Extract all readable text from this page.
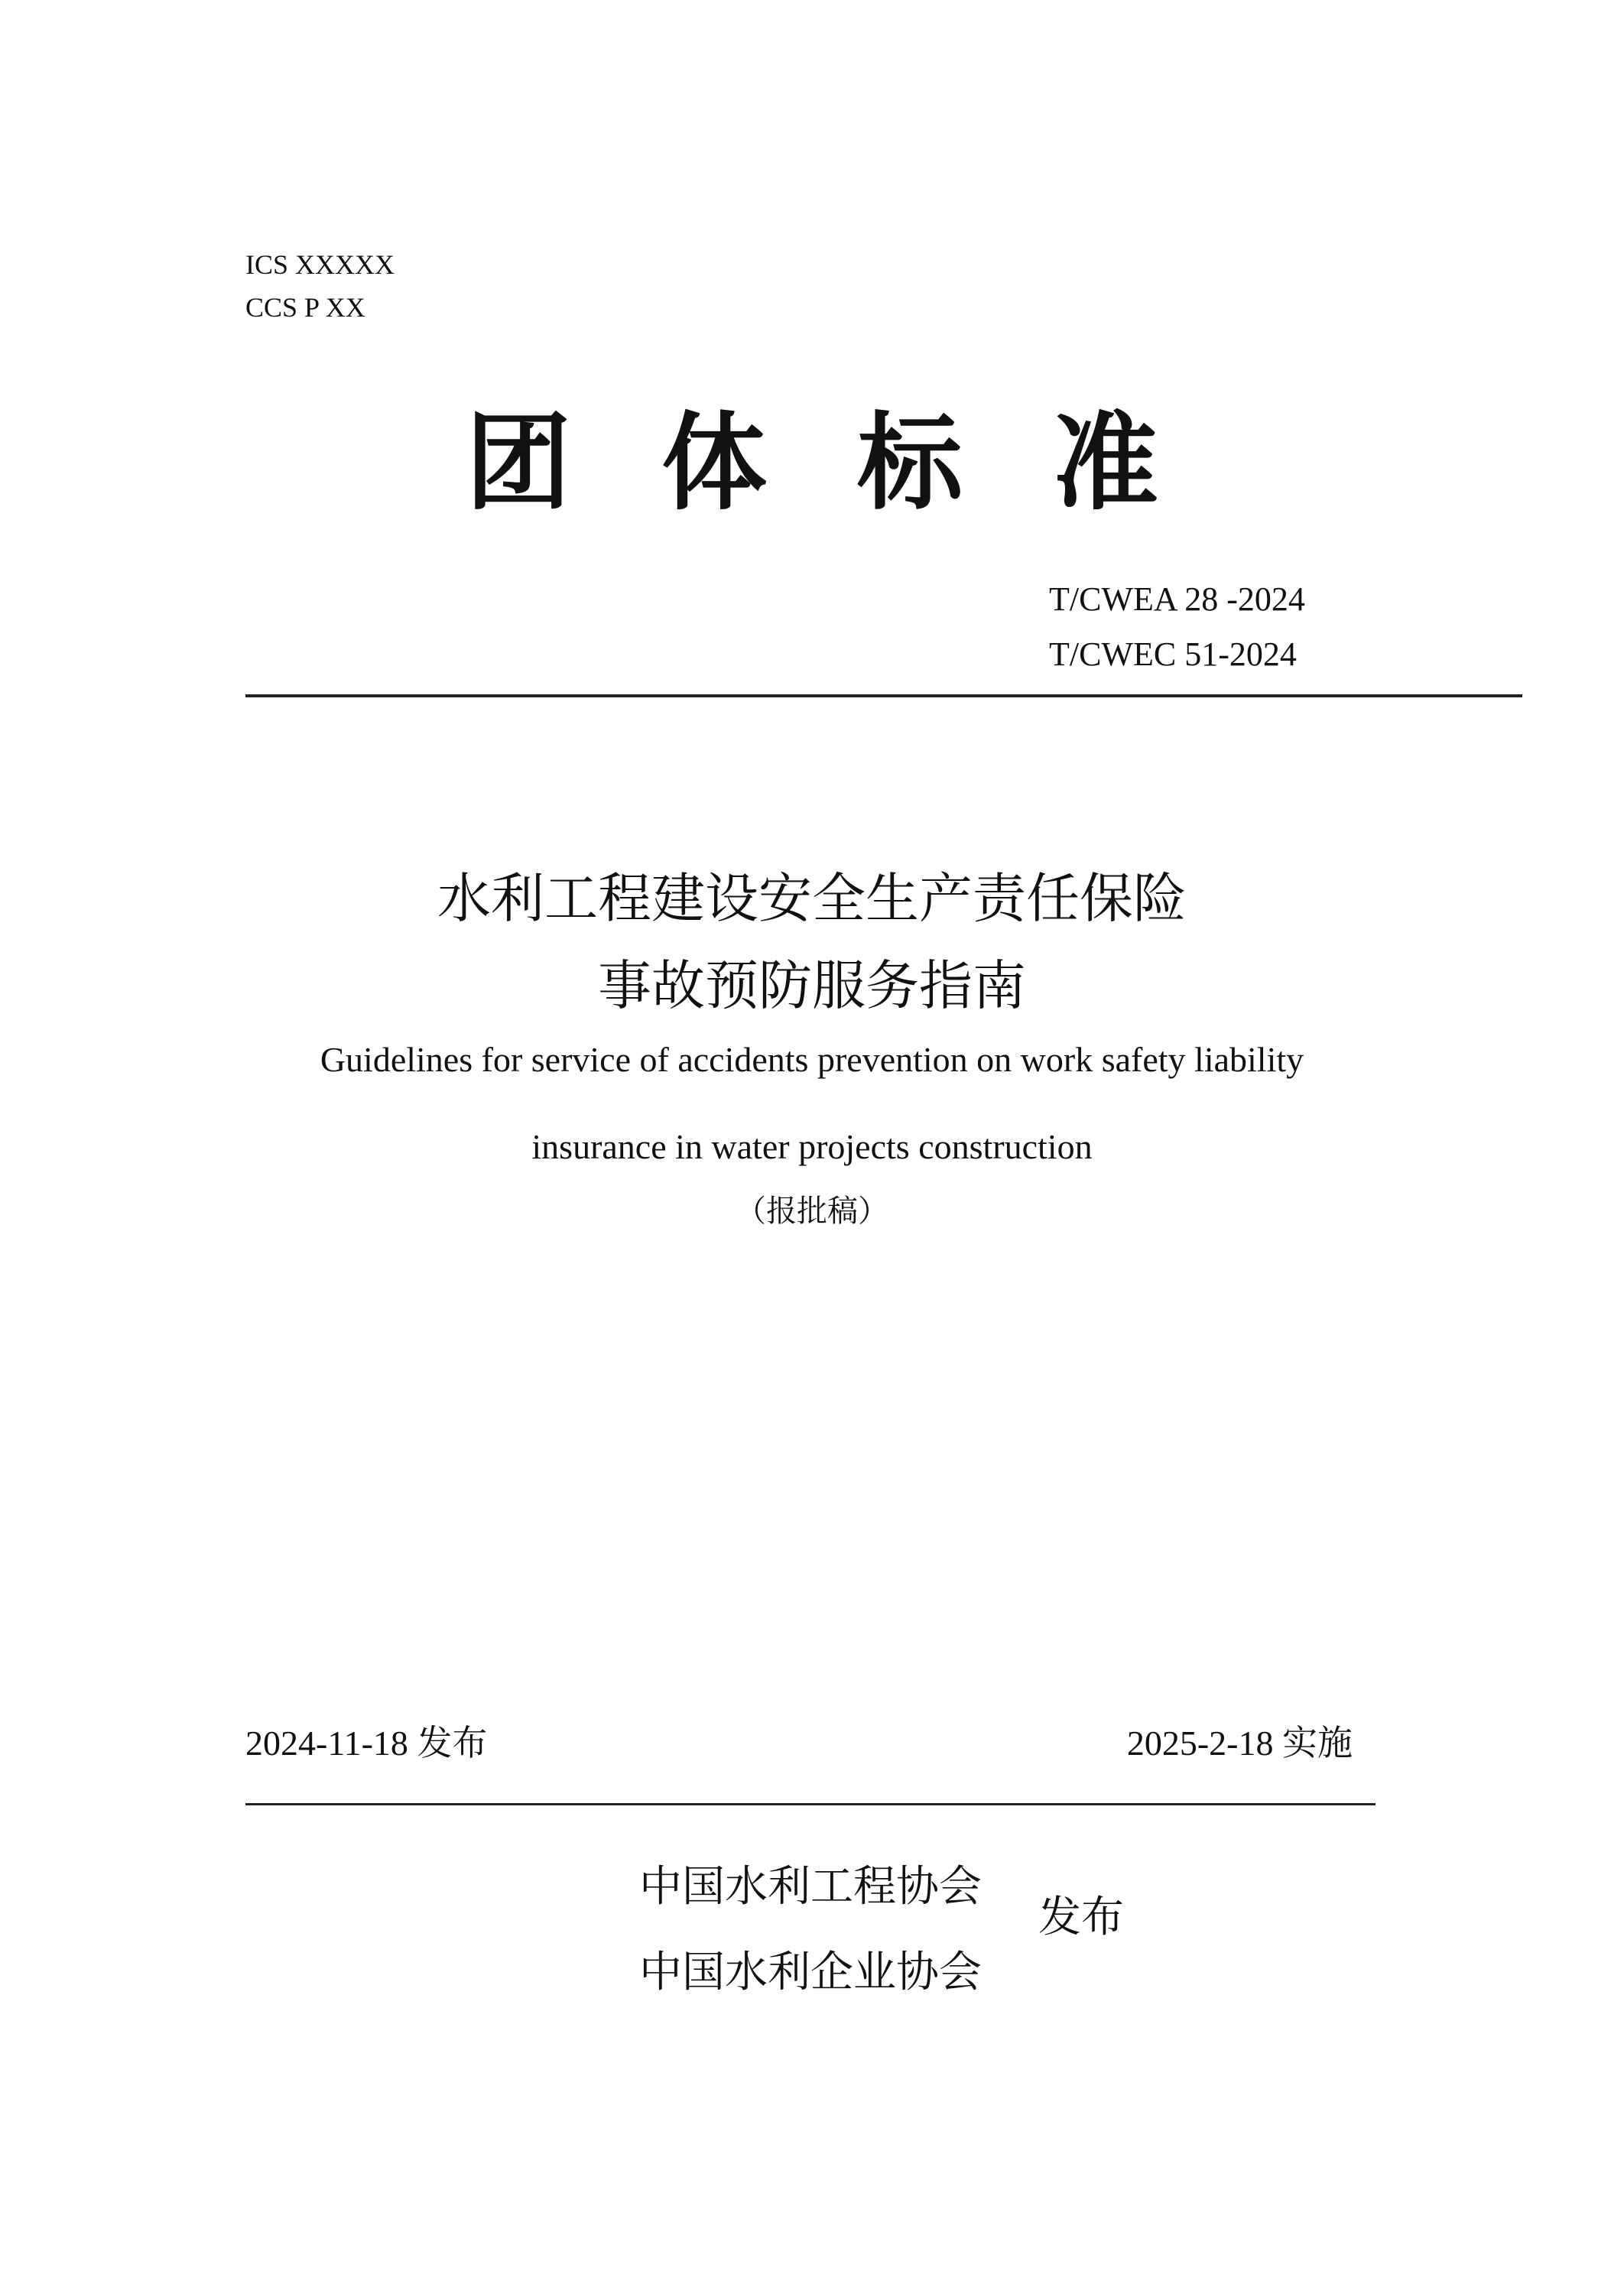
ICS XXXXX
CCS P XX
团体标准
T/CWEA 28 -2024
T/CWEC 51-2024
水利工程建设安全生产责任保险
事故预防服务指南
Guidelines for service of accidents prevention on work safety liability
insurance in water projects construction
（报批稿）
2024-11-18 发布	2025-2-18 实施
中国水利工程协会
中国水利企业协会
发布
